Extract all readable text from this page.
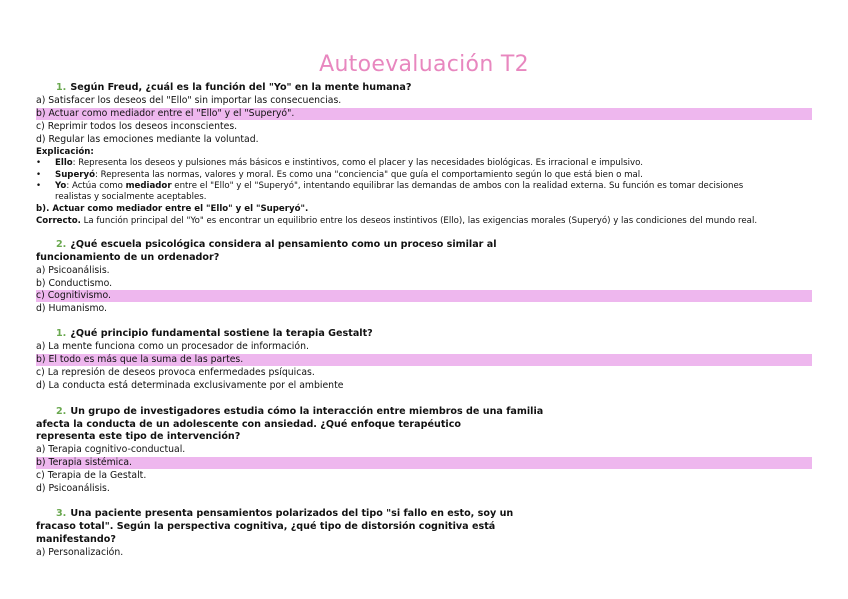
Autoevaluación T2
1. Según Freud, ¿cuál es la función del "Yo" en la mente humana?
a) Satisfacer los deseos del "Ello" sin importar las consecuencias.
b) Actuar como mediador entre el "Ello" y el "Superyó".
c) Reprimir todos los deseos inconscientes.
d) Regular las emociones mediante la voluntad.
Explicación:
• Ello: Representa los deseos y pulsiones más básicos e instintivos, como el placer y las necesidades biológicas. Es irracional e impulsivo.
• Superyó: Representa las normas, valores y moral. Es como una "conciencia" que guía el comportamiento según lo que está bien o mal.
• Yo: Actúa como mediador entre el "Ello" y el "Superyó", intentando equilibrar las demandas de ambos con la realidad externa. Su función es tomar decisiones
realistas y socialmente aceptables.
b). Actuar como mediador entre el "Ello" y el "Superyó".
Correcto. La función principal del "Yo" es encontrar un equilibrio entre los deseos instintivos (Ello), las exigencias morales (Superyó) y las condiciones del mundo real.
2. ¿Qué escuela psicológica considera al pensamiento como un proceso similar al
funcionamiento de un ordenador?
a) Psicoanálisis.
b) Conductismo.
c) Cognitivismo.
d) Humanismo.
1. ¿Qué principio fundamental sostiene la terapia Gestalt?
a) La mente funciona como un procesador de información.
b) El todo es más que la suma de las partes.
c) La represión de deseos provoca enfermedades psíquicas.
d) La conducta está determinada exclusivamente por el ambiente
2. Un grupo de investigadores estudia cómo la interacción entre miembros de una familia
afecta la conducta de un adolescente con ansiedad. ¿Qué enfoque terapéutico
representa este tipo de intervención?
a) Terapia cognitivo-conductual.
b) Terapia sistémica.
c) Terapia de la Gestalt.
d) Psicoanálisis.
3. Una paciente presenta pensamientos polarizados del tipo "si fallo en esto, soy un
fracaso total". Según la perspectiva cognitiva, ¿qué tipo de distorsión cognitiva está
manifestando?
a) Personalización.
